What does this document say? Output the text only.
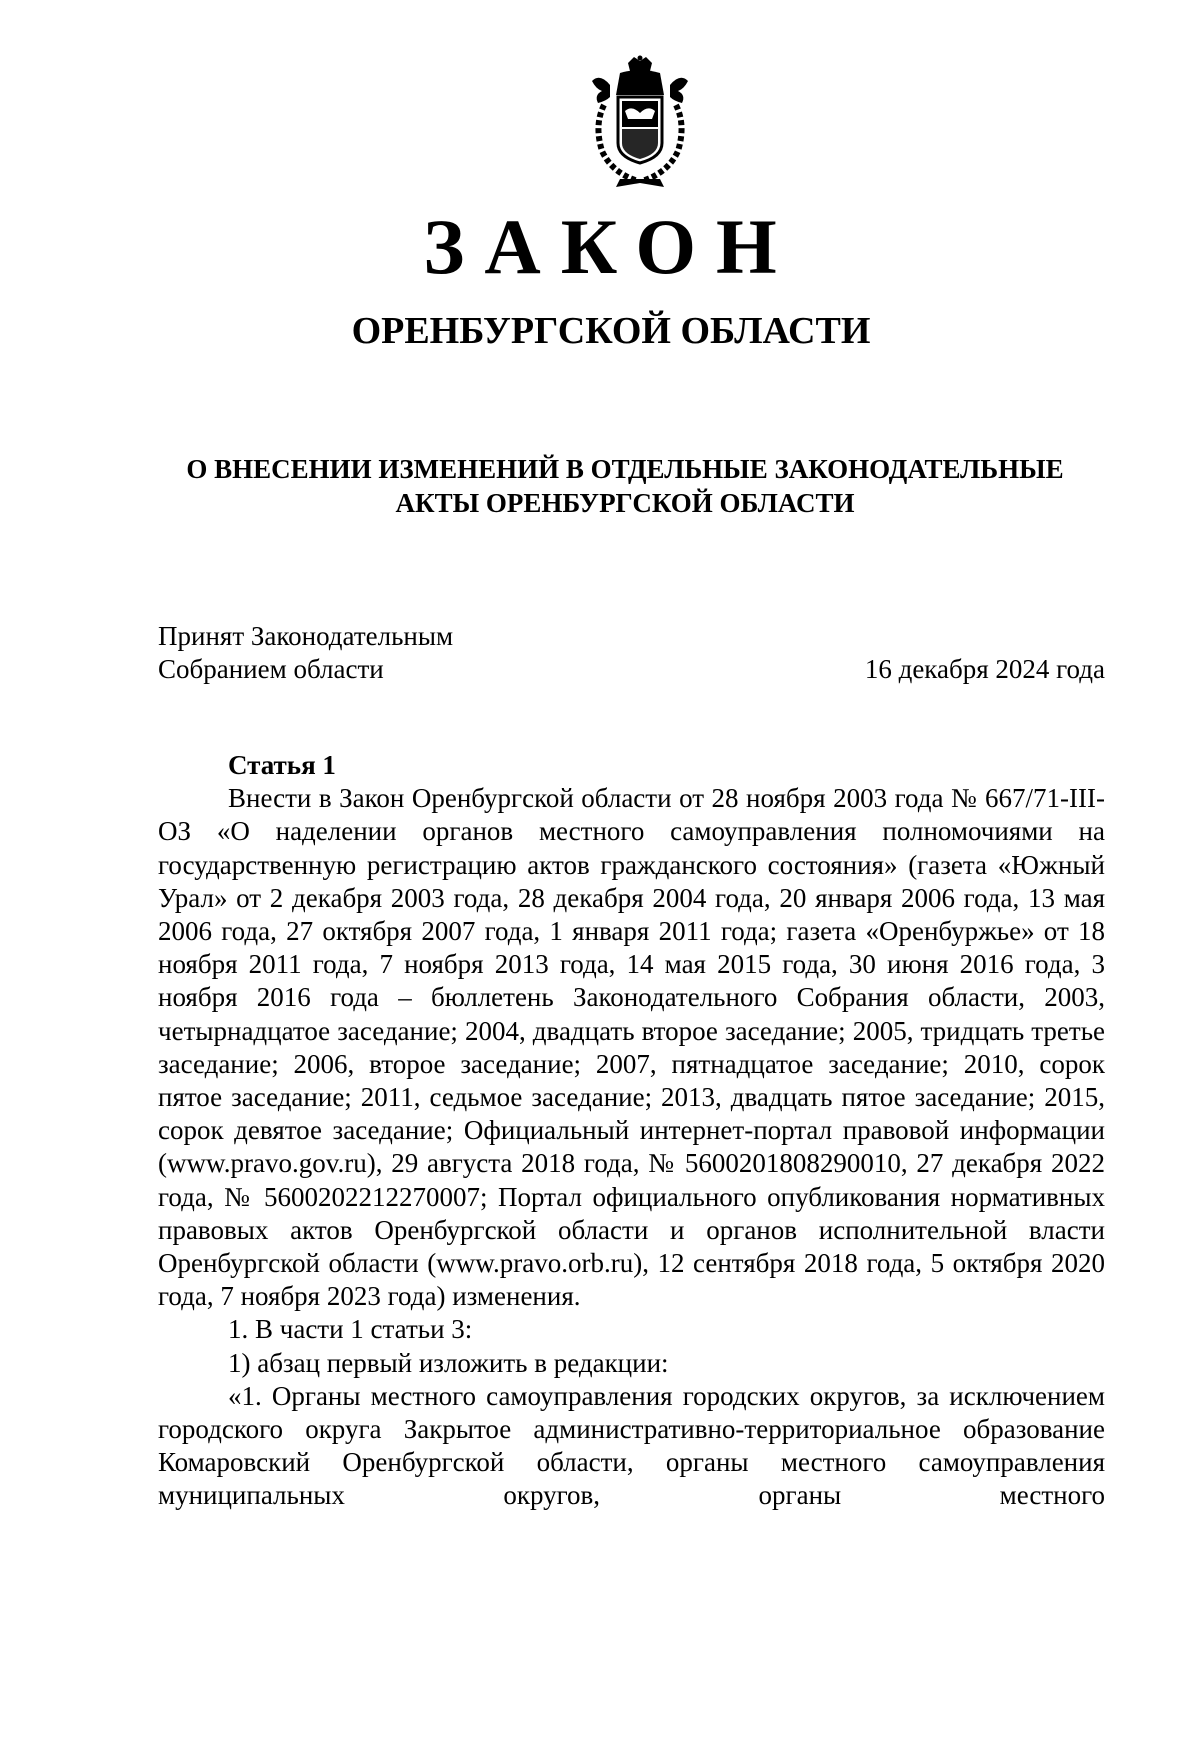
ЗАКОН
ОРЕНБУРГСКОЙ ОБЛАСТИ
О ВНЕСЕНИИ ИЗМЕНЕНИЙ В ОТДЕЛЬНЫЕ ЗАКОНОДАТЕЛЬНЫЕ
АКТЫ ОРЕНБУРГСКОЙ ОБЛАСТИ
Принят Законодательным
Собранием области	16 декабря 2024 года
Статья 1

Внести в Закон Оренбургской области от 28 ноября 2003 года № 667/71-III-ОЗ «О наделении органов местного самоуправления полномочиями на государственную регистрацию актов гражданского состояния» (газета «Южный Урал» от 2 декабря 2003 года, 28 декабря 2004 года, 20 января 2006 года, 13 мая 2006 года, 27 октября 2007 года, 1 января 2011 года; газета «Оренбуржье» от 18 ноября 2011 года, 7 ноября 2013 года, 14 мая 2015 года, 30 июня 2016 года, 3 ноября 2016 года – бюллетень Законодательного Собрания области, 2003, четырнадцатое заседание; 2004, двадцать второе заседание; 2005, тридцать третье заседание; 2006, второе заседание; 2007, пятнадцатое заседание; 2010, сорок пятое заседание; 2011, седьмое заседание; 2013, двадцать пятое заседание; 2015, сорок девятое заседание; Официальный интернет-портал правовой информации (www.pravo.gov.ru), 29 августа 2018 года, № 5600201808290010, 27 декабря 2022 года, № 5600202212270007; Портал официального опубликования нормативных правовых актов Оренбургской области и органов исполнительной власти Оренбургской области (www.pravo.orb.ru), 12 сентября 2018 года, 5 октября 2020 года, 7 ноября 2023 года) изменения.

1. В части 1 статьи 3:

1) абзац первый изложить в редакции:

«1. Органы местного самоуправления городских округов, за исключением городского округа Закрытое административно-территориальное образование Комаровский Оренбургской области, органы местного самоуправления муниципальных округов, органы местного
